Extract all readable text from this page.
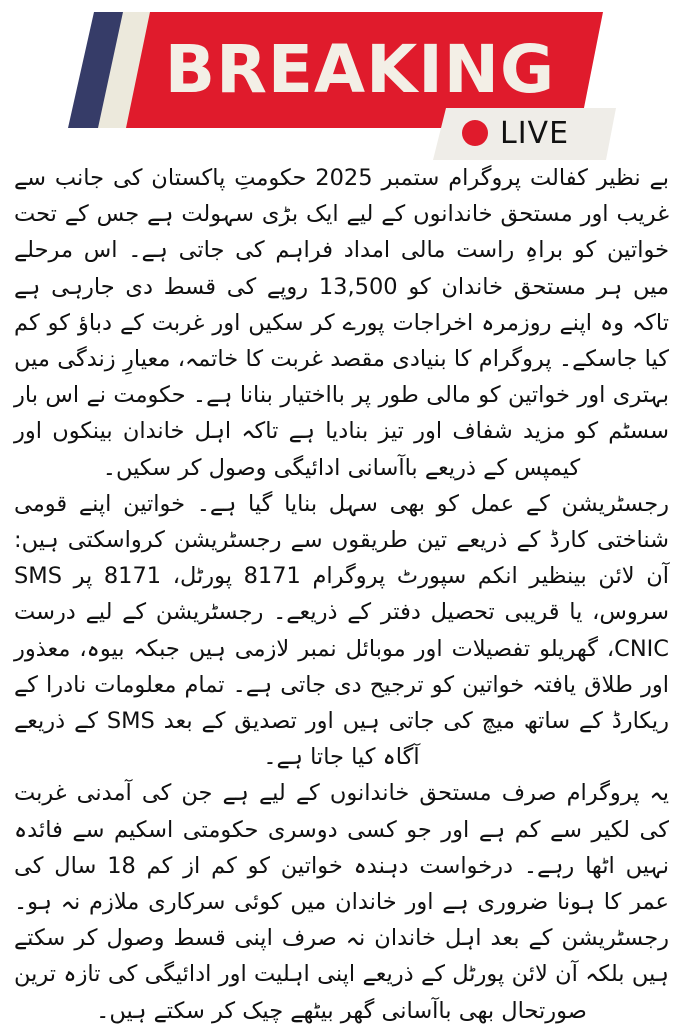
BREAKING
LIVE

بے نظیر کفالت پروگرام ستمبر 2025 حکومتِ پاکستان کی جانب سے غریب اور مستحق خاندانوں کے لیے ایک بڑی سہولت ہے جس کے تحت خواتین کو براہِ راست مالی امداد فراہم کی جاتی ہے۔ اس مرحلے میں ہر مستحق خاندان کو 13,500 روپے کی قسط دی جارہی ہے تاکہ وہ اپنے روزمرہ اخراجات پورے کر سکیں اور غربت کے دباؤ کو کم کیا جاسکے۔ پروگرام کا بنیادی مقصد غربت کا خاتمہ، معیارِ زندگی میں بہتری اور خواتین کو مالی طور پر بااختیار بنانا ہے۔ حکومت نے اس بار سسٹم کو مزید شفاف اور تیز بنادیا ہے تاکہ اہل خاندان بینکوں اور کیمپس کے ذریعے باآسانی ادائیگی وصول کر سکیں۔

رجسٹریشن کے عمل کو بھی سہل بنایا گیا ہے۔ خواتین اپنے قومی شناختی کارڈ کے ذریعے تین طریقوں سے رجسٹریشن کرواسکتی ہیں: آن لائن بینظیر انکم سپورٹ پروگرام 8171 پورٹل، 8171 پر SMS سروس، یا قریبی تحصیل دفتر کے ذریعے۔ رجسٹریشن کے لیے درست CNIC، گھریلو تفصیلات اور موبائل نمبر لازمی ہیں جبکہ بیوہ، معذور اور طلاق یافتہ خواتین کو ترجیح دی جاتی ہے۔ تمام معلومات نادرا کے ریکارڈ کے ساتھ میچ کی جاتی ہیں اور تصدیق کے بعد SMS کے ذریعے آگاہ کیا جاتا ہے۔

یہ پروگرام صرف مستحق خاندانوں کے لیے ہے جن کی آمدنی غربت کی لکیر سے کم ہے اور جو کسی دوسری حکومتی اسکیم سے فائدہ نہیں اٹھا رہے۔ درخواست دہندہ خواتین کو کم از کم 18 سال کی عمر کا ہونا ضروری ہے اور خاندان میں کوئی سرکاری ملازم نہ ہو۔ رجسٹریشن کے بعد اہل خاندان نہ صرف اپنی قسط وصول کر سکتے ہیں بلکہ آن لائن پورٹل کے ذریعے اپنی اہلیت اور ادائیگی کی تازہ ترین صورتحال بھی باآسانی گھر بیٹھے چیک کر سکتے ہیں۔
